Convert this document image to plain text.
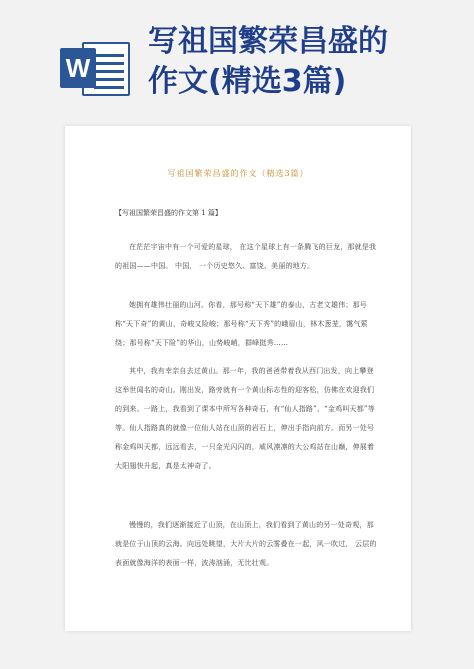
W
写祖国繁荣昌盛的
作文(精选3篇)
写祖国繁荣昌盛的作文（精选3篇）
【写祖国繁荣昌盛的作文第 1 篇】

在茫茫宇宙中有一个可爱的星球， 在这个星球上有一条腾飞的巨龙，那就是我的祖国——中国。 中国， 一个历史悠久、富饶、美丽的地方。

她拥有雄伟壮丽的山河。你看，那号称“天下雄”的泰山，古老文雄伟；那号称“天下奇”的黄山，奇峻又险峻；那号称“天下秀”的峨眉山，林木葱茏，霭气萦绕；那号称“天下险”的华山，山势峻峭，群峰挺秀……

其中，我有幸亲自去过黄山。那一年，我的爸爸带着我从西门出发，向上攀登这举世闻名的奇山。刚出发，路旁就有一个黄山标志性的迎客松，仿佛在欢迎我们的到来。一路上，我看到了课本中所写各种奇石，有“仙人指路”、“金鸡叫天都”等等。仙人指路真的就像一位仙人站在山顶的岩石上，伸出手指向前方。而另一处号称金鸡叫天都，远远看去，一只金光闪闪的，威风凛凛的大公鸡站在山巅，伸展着大阳翅快升起，真是太神奇了。

慢慢的，我们逐渐接近了山顶，在山顶上，我们看到了黄山的另一处奇观，那就是位于山顶的云海。向远处眺望，大片大片的云雾叠在一起，风一吹过， 云层的表面就像海洋的表面一样，波涛汹涌，无比壮观。
